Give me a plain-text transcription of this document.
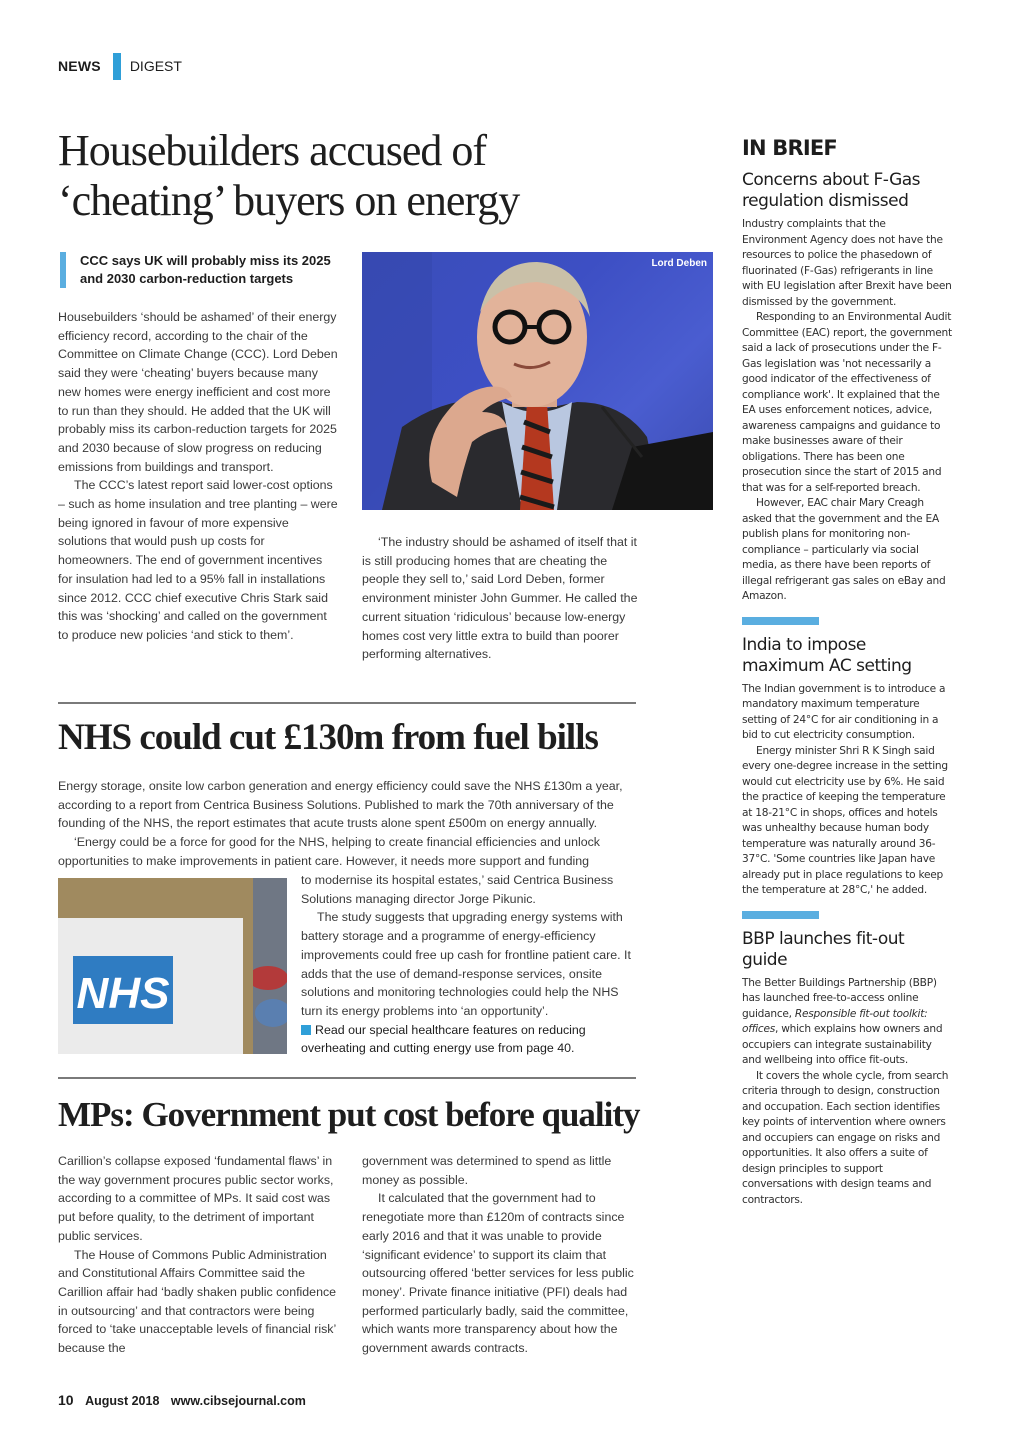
NEWS DIGEST
Housebuilders accused of
‘cheating’ buyers on energy
CCC says UK will probably miss its 2025 and 2030 carbon-reduction targets

Housebuilders ‘should be ashamed’ of their energy efficiency record, according to the chair of the Committee on Climate Change (CCC). Lord Deben said they were ‘cheating’ buyers because many new homes were energy inefficient and cost more to run than they should. He added that the UK will probably miss its carbon-reduction targets for 2025 and 2030 because of slow progress on reducing emissions from buildings and transport.

The CCC’s latest report said lower-cost options – such as home insulation and tree planting – were being ignored in favour of more expensive solutions that would push up costs for homeowners. The end of government incentives for insulation had led to a 95% fall in installations since 2012. CCC chief executive Chris Stark said this was ‘shocking’ and called on the government to produce new policies ‘and stick to them’.

Lord Deben

‘The industry should be ashamed of itself that it is still producing homes that are cheating the people they sell to,’ said Lord Deben, former environment minister John Gummer. He called the current situation ‘ridiculous’ because low-energy homes cost very little extra to build than poorer performing alternatives.

NHS could cut £130m from fuel bills

Energy storage, onsite low carbon generation and energy efficiency could save the NHS £130m a year, according to a report from Centrica Business Solutions. Published to mark the 70th anniversary of the founding of the NHS, the report estimates that acute trusts alone spent £500m on energy annually.

‘Energy could be a force for good for the NHS, helping to create financial efficiencies and unlock opportunities to make improvements in patient care. However, it needs more support and funding

NHS

to modernise its hospital estates,’ said Centrica Business Solutions managing director Jorge Pikunic.

The study suggests that upgrading energy systems with battery storage and a programme of energy-efficiency improvements could free up cash for frontline patient care. It adds that the use of demand-response services, onsite solutions and monitoring technologies could help the NHS turn its energy problems into ‘an opportunity’.

Read our special healthcare features on reducing overheating and cutting energy use from page 40.

MPs: Government put cost before quality

Carillion’s collapse exposed ‘fundamental flaws’ in the way government procures public sector works, according to a committee of MPs. It said cost was put before quality, to the detriment of important public services.

The House of Commons Public Administration and Constitutional Affairs Committee said the Carillion affair had ‘badly shaken public confidence in outsourcing’ and that contractors were being forced to ‘take unacceptable levels of financial risk’ because the

government was determined to spend as little money as possible.

It calculated that the government had to renegotiate more than £120m of contracts since early 2016 and that it was unable to provide ‘significant evidence’ to support its claim that outsourcing offered ‘better services for less public money’. Private finance initiative (PFI) deals had performed particularly badly, said the committee, which wants more transparency about how the government awards contracts.

IN BRIEF
Concerns about F-Gas regulation dismissed

Industry complaints that the Environment Agency does not have the resources to police the phasedown of fluorinated (F-Gas) refrigerants in line with EU legislation after Brexit have been dismissed by the government.

Responding to an Environmental Audit Committee (EAC) report, the government said a lack of prosecutions under the F-Gas legislation was 'not necessarily a good indicator of the effectiveness of compliance work'. It explained that the EA uses enforcement notices, advice, awareness campaigns and guidance to make businesses aware of their obligations. There has been one prosecution since the start of 2015 and that was for a self-reported breach.

However, EAC chair Mary Creagh asked that the government and the EA publish plans for monitoring non-compliance – particularly via social media, as there have been reports of illegal refrigerant gas sales on eBay and Amazon.

India to impose maximum AC setting

The Indian government is to introduce a mandatory maximum temperature setting of 24°C for air conditioning in a bid to cut electricity consumption.

Energy minister Shri R K Singh said every one-degree increase in the setting would cut electricity use by 6%. He said the practice of keeping the temperature at 18-21°C in shops, offices and hotels was unhealthy because human body temperature was naturally around 36-37°C. 'Some countries like Japan have already put in place regulations to keep the temperature at 28°C,' he added.

BBP launches fit-out guide

The Better Buildings Partnership (BBP) has launched free-to-access online guidance, Responsible fit-out toolkit: offices, which explains how owners and occupiers can integrate sustainability and wellbeing into office fit-outs.

It covers the whole cycle, from search criteria through to design, construction and occupation. Each section identifies key points of intervention where owners and occupiers can engage on risks and opportunities. It also offers a suite of design principles to support conversations with design teams and contractors.

10 August 2018 www.cibsejournal.com
